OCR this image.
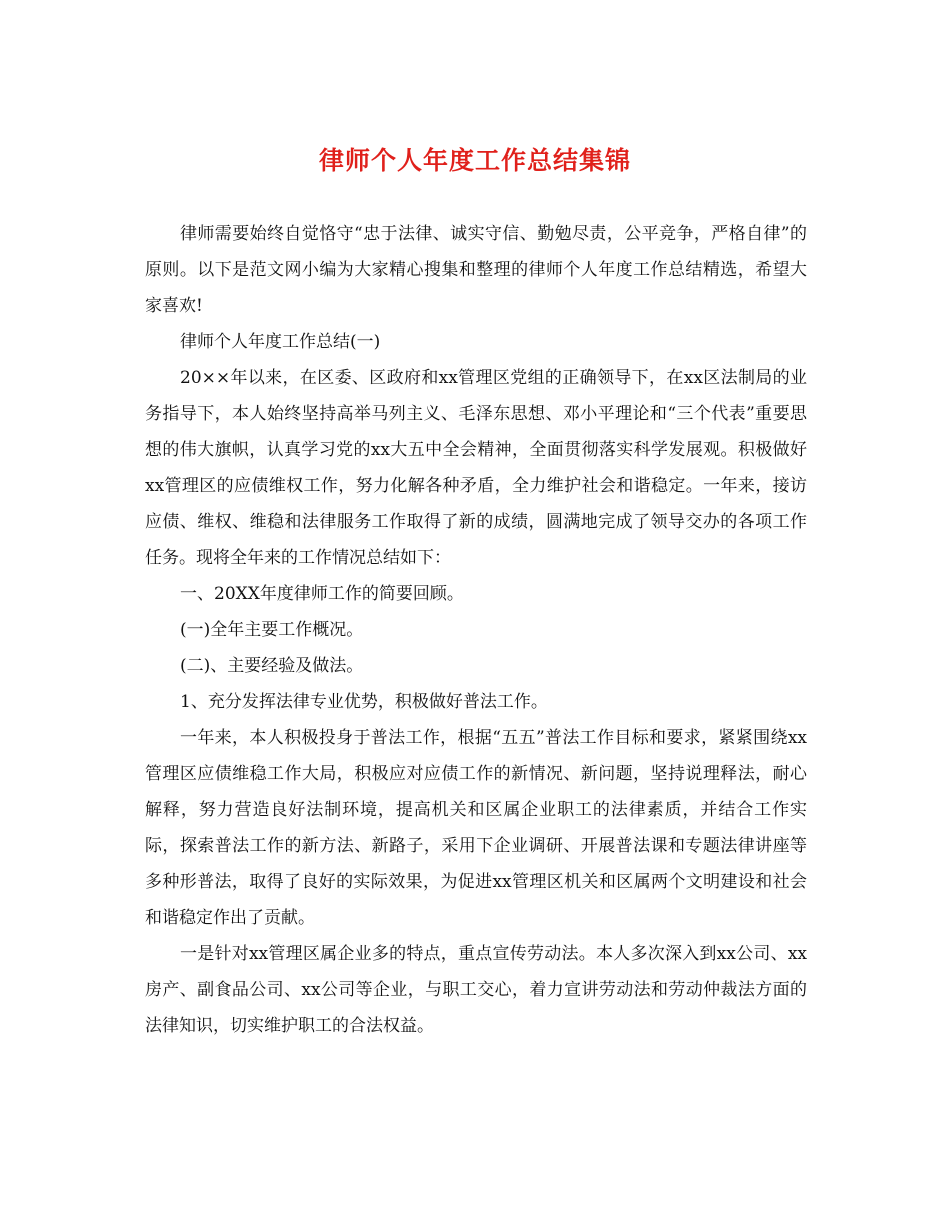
律师个人年度工作总结集锦

律师需要始终自觉恪守“忠于法律、诚实守信、勤勉尽责，公平竞争，严格自律”的原则。以下是范文网小编为大家精心搜集和整理的律师个人年度工作总结精选，希望大家喜欢!

律师个人年度工作总结(一)

20××年以来，在区委、区政府和xx管理区党组的正确领导下，在xx区法制局的业务指导下，本人始终坚持高举马列主义、毛泽东思想、邓小平理论和“三个代表”重要思想的伟大旗帜，认真学习党的xx大五中全会精神，全面贯彻落实科学发展观。积极做好xx管理区的应债维权工作，努力化解各种矛盾，全力维护社会和谐稳定。一年来，接访应债、维权、维稳和法律服务工作取得了新的成绩，圆满地完成了领导交办的各项工作任务。现将全年来的工作情况总结如下：

一、20XX年度律师工作的简要回顾。

(一)全年主要工作概况。

(二)、主要经验及做法。

1、充分发挥法律专业优势，积极做好普法工作。

一年来，本人积极投身于普法工作，根据“五五”普法工作目标和要求，紧紧围绕xx管理区应债维稳工作大局，积极应对应债工作的新情况、新问题，坚持说理释法，耐心解释，努力营造良好法制环境，提高机关和区属企业职工的法律素质，并结合工作实际，探索普法工作的新方法、新路子，采用下企业调研、开展普法课和专题法律讲座等多种形普法，取得了良好的实际效果，为促进xx管理区机关和区属两个文明建设和社会和谐稳定作出了贡献。

一是针对xx管理区属企业多的特点，重点宣传劳动法。本人多次深入到xx公司、xx房产、副食品公司、xx公司等企业，与职工交心，着力宣讲劳动法和劳动仲裁法方面的法律知识，切实维护职工的合法权益。
